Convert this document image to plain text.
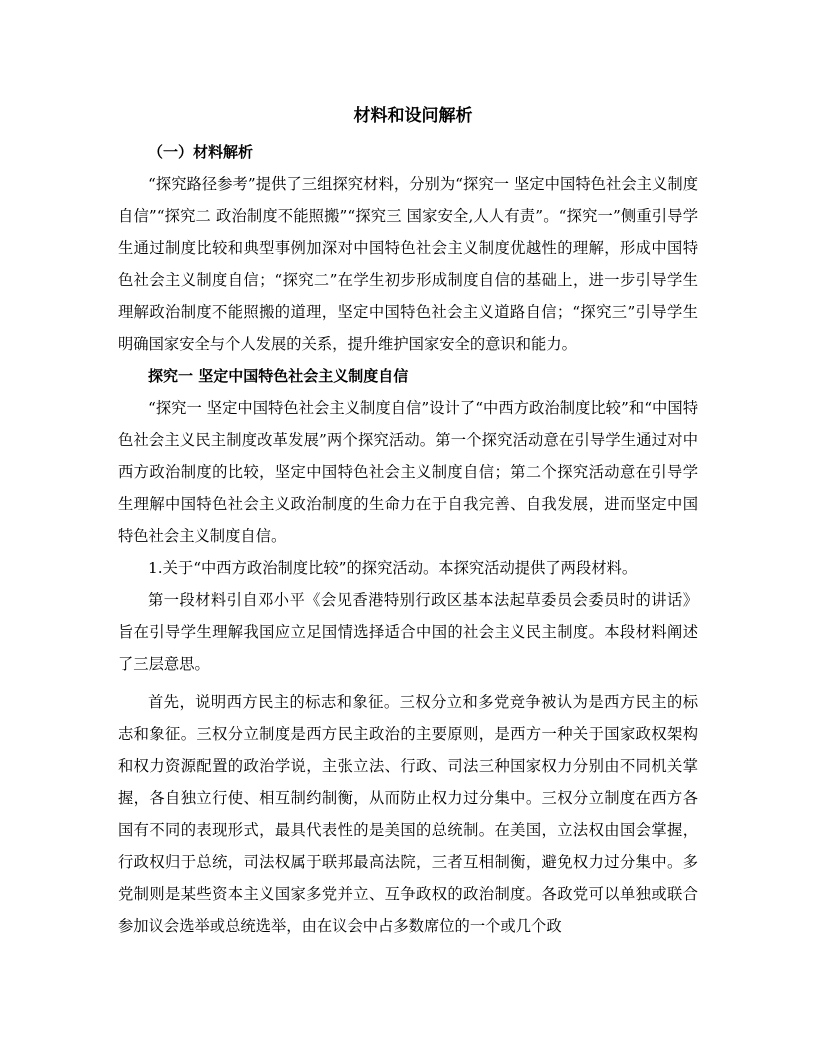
材料和设问解析

（一）材料解析

“探究路径参考”提供了三组探究材料，分别为“探究一 坚定中国特色社会主义制度自信”“探究二 政治制度不能照搬”“探究三 国家安全,人人有责”。“探究一”侧重引导学生通过制度比较和典型事例加深对中国特色社会主义制度优越性的理解，形成中国特色社会主义制度自信；“探究二”在学生初步形成制度自信的基础上，进一步引导学生理解政治制度不能照搬的道理，坚定中国特色社会主义道路自信；“探究三”引导学生明确国家安全与个人发展的关系，提升维护国家安全的意识和能力。

探究一 坚定中国特色社会主义制度自信

“探究一 坚定中国特色社会主义制度自信”设计了“中西方政治制度比较”和“中国特色社会主义民主制度改革发展”两个探究活动。第一个探究活动意在引导学生通过对中西方政治制度的比较，坚定中国特色社会主义制度自信；第二个探究活动意在引导学生理解中国特色社会主义政治制度的生命力在于自我完善、自我发展，进而坚定中国特色社会主义制度自信。

1.关于“中西方政治制度比较”的探究活动。本探究活动提供了两段材料。

第一段材料引自邓小平《会见香港特别行政区基本法起草委员会委员时的讲话》旨在引导学生理解我国应立足国情选择适合中国的社会主义民主制度。本段材料阐述了三层意思。

首先，说明西方民主的标志和象征。三权分立和多党竞争被认为是西方民主的标志和象征。三权分立制度是西方民主政治的主要原则，是西方一种关于国家政权架构和权力资源配置的政治学说，主张立法、行政、司法三种国家权力分别由不同机关掌握，各自独立行使、相互制约制衡，从而防止权力过分集中。三权分立制度在西方各国有不同的表现形式，最具代表性的是美国的总统制。在美国，立法权由国会掌握，行政权归于总统，司法权属于联邦最高法院，三者互相制衡，避免权力过分集中。多党制则是某些资本主义国家多党并立、互争政权的政治制度。各政党可以单独或联合参加议会选举或总统选举，由在议会中占多数席位的一个或几个政
